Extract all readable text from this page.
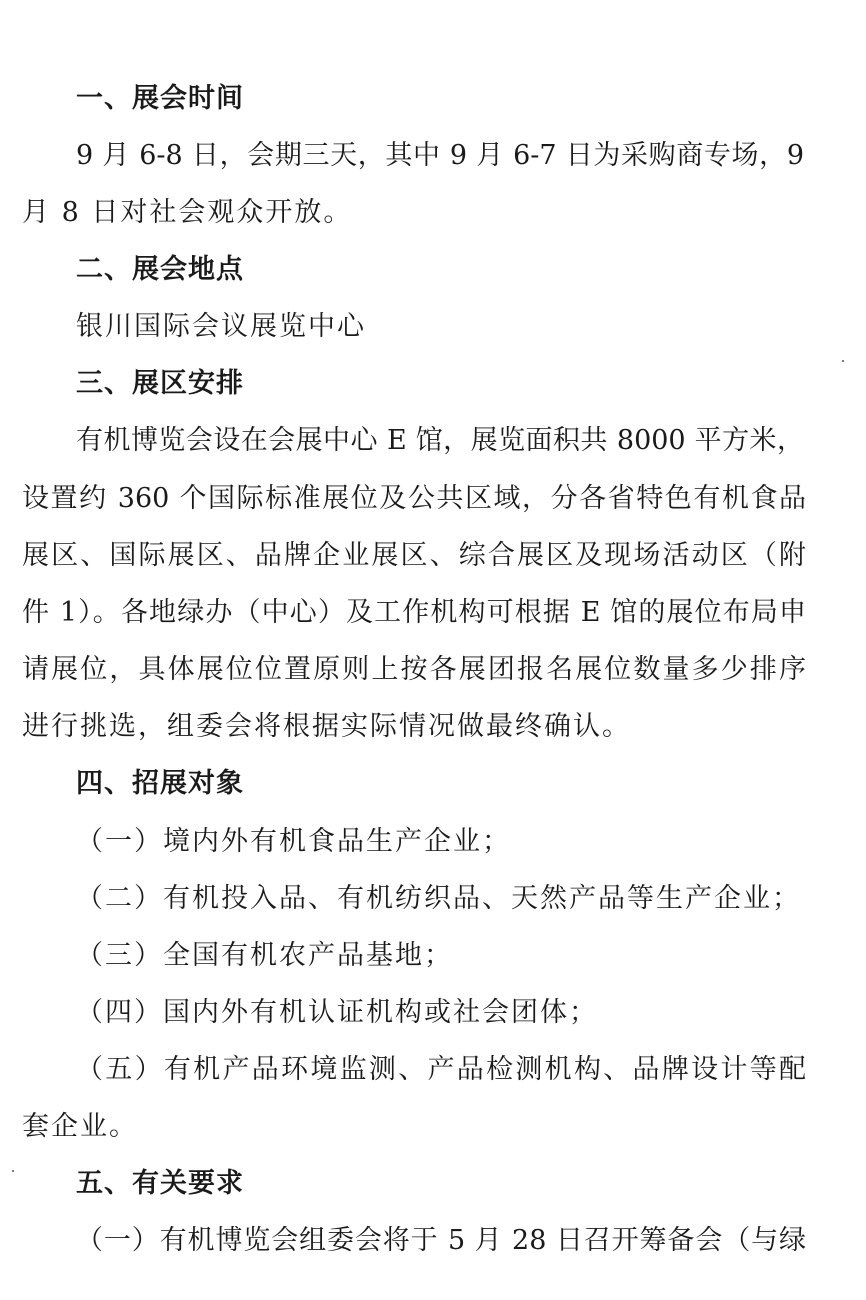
一、展会时间
9 月 6-8 日，会期三天，其中 9 月 6-7 日为采购商专场，9
月 8 日对社会观众开放。
二、展会地点
银川国际会议展览中心
三、展区安排
有机博览会设在会展中心 E 馆，展览面积共 8000 平方米，
设置约 360 个国际标准展位及公共区域，分各省特色有机食品
展区、国际展区、品牌企业展区、综合展区及现场活动区（附
件 1）。各地绿办（中心）及工作机构可根据 E 馆的展位布局申
请展位，具体展位位置原则上按各展团报名展位数量多少排序
进行挑选，组委会将根据实际情况做最终确认。
四、招展对象
（一）境内外有机食品生产企业；
（二）有机投入品、有机纺织品、天然产品等生产企业；
（三）全国有机农产品基地；
（四）国内外有机认证机构或社会团体；
（五）有机产品环境监测、产品检测机构、品牌设计等配
套企业。
五、有关要求
（一）有机博览会组委会将于 5 月 28 日召开筹备会（与绿
